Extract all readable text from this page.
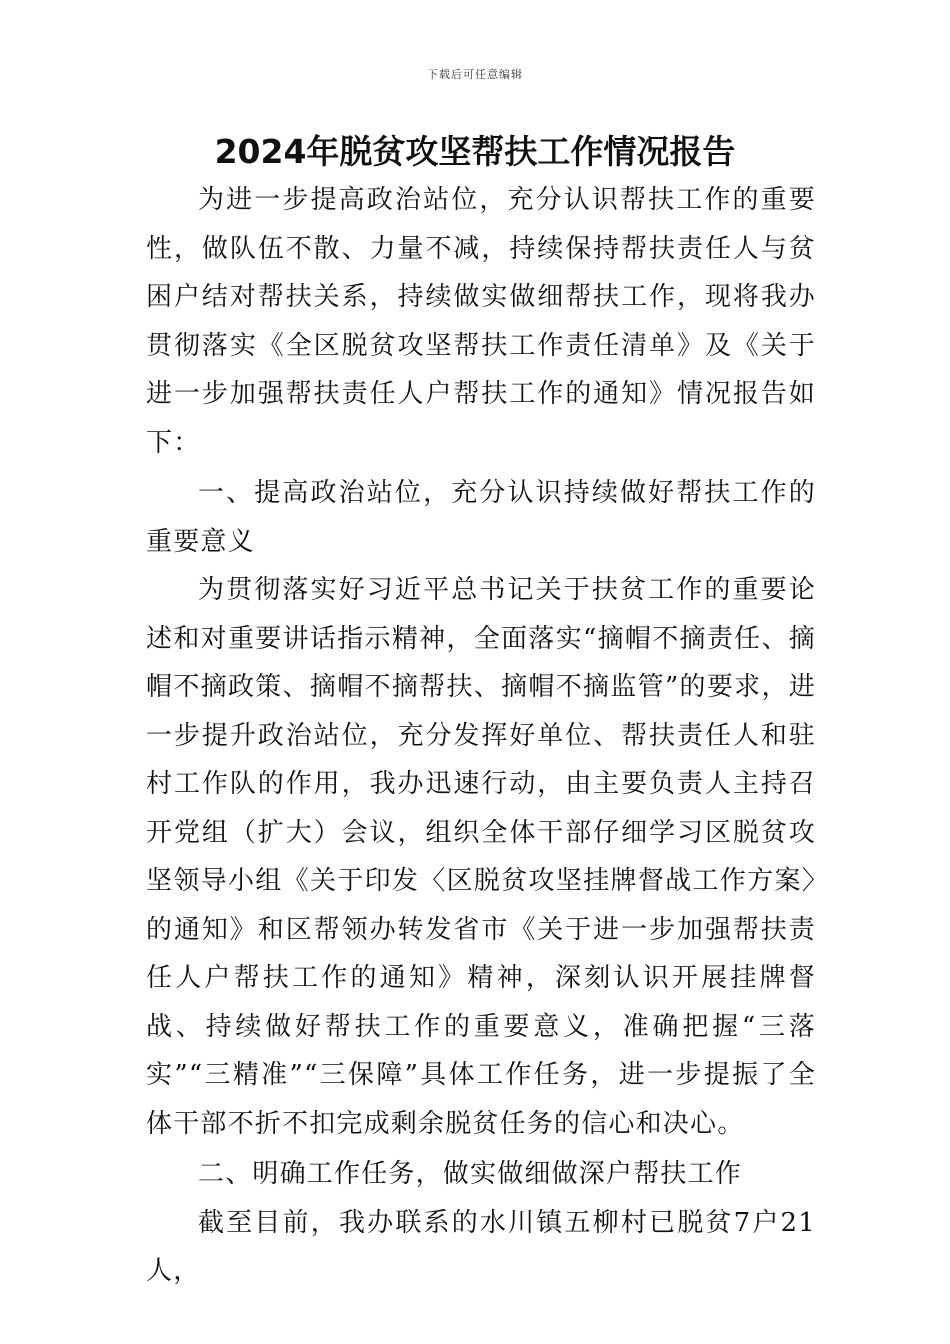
下载后可任意编辑
2024年脱贫攻坚帮扶工作情况报告

为进一步提高政治站位，充分认识帮扶工作的重要性，做队伍不散、力量不减，持续保持帮扶责任人与贫困户结对帮扶关系，持续做实做细帮扶工作，现将我办贯彻落实《全区脱贫攻坚帮扶工作责任清单》及《关于进一步加强帮扶责任人户帮扶工作的通知》情况报告如下：

一、提高政治站位，充分认识持续做好帮扶工作的重要意义

为贯彻落实好习近平总书记关于扶贫工作的重要论述和对重要讲话指示精神，全面落实“摘帽不摘责任、摘帽不摘政策、摘帽不摘帮扶、摘帽不摘监管”的要求，进一步提升政治站位，充分发挥好单位、帮扶责任人和驻村工作队的作用，我办迅速行动，由主要负责人主持召开党组（扩大）会议，组织全体干部仔细学习区脱贫攻坚领导小组《关于印发〈区脱贫攻坚挂牌督战工作方案〉的通知》和区帮领办转发省市《关于进一步加强帮扶责任人户帮扶工作的通知》精神，深刻认识开展挂牌督战、持续做好帮扶工作的重要意义，准确把握“三落实”“三精准”“三保障”具体工作任务，进一步提振了全体干部不折不扣完成剩余脱贫任务的信心和决心。

二、明确工作任务，做实做细做深户帮扶工作

截至目前，我办联系的水川镇五柳村已脱贫7户21人，
